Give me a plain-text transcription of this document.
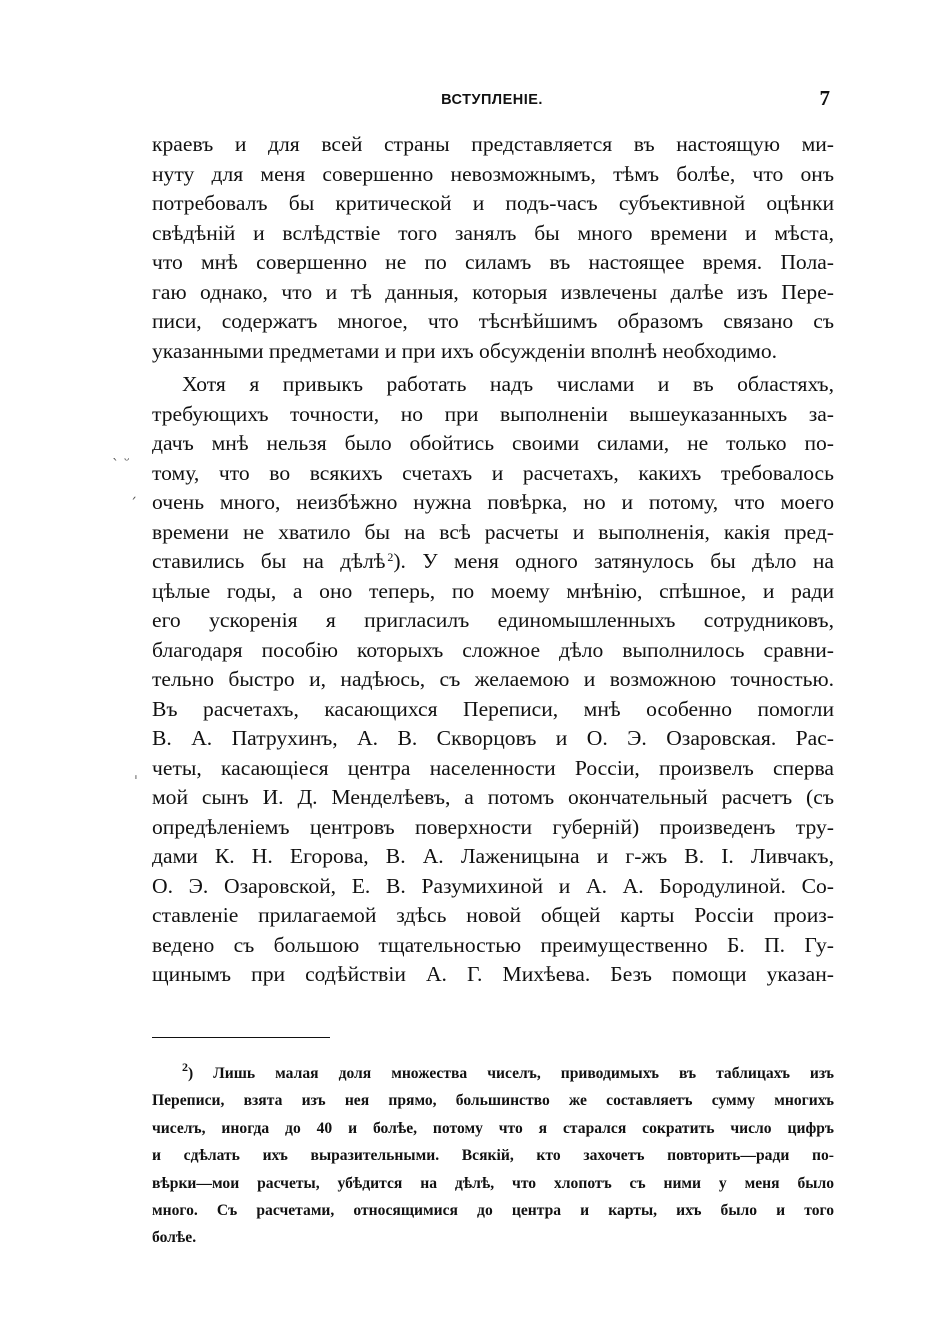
ВСТУПЛЕНІЕ.	7
ˎ ᵕ
ˏ
ˈ
краевъ и для всей страны представляется въ настоящую ми-
нуту для меня совершенно невозможнымъ, тѣмъ болѣе, что онъ
потребовалъ бы критической и подъ-часъ субъективной оцѣнки
свѣдѣній и вслѣдствіе того занялъ бы много времени и мѣста,
что мнѣ совершенно не по силамъ въ настоящее время. Пола-
гаю однако, что и тѣ данныя, которыя извлечены далѣе изъ Пере-
писи, содержатъ многое, что тѣснѣйшимъ образомъ связано съ
указанными предметами и при ихъ обсужденіи вполнѣ необходимо.
Хотя я привыкъ работать надъ числами и въ областяхъ,
требующихъ точности, но при выполненіи вышеуказанныхъ за-
дачъ мнѣ нельзя было обойтись своими силами, не только по-
тому, что во всякихъ счетахъ и расчетахъ, какихъ требовалось
очень много, неизбѣжно нужна повѣрка, но и потому, что моего
времени не хватило бы на всѣ расчеты и выполненія, какія пред-
ставились бы на дѣлѣ  $^2$). У меня одного затянулось бы дѣло на
цѣлые годы, а оно теперь, по моему мнѣнію, спѣшное, и ради
его ускоренія я пригласилъ единомышленныхъ сотрудниковъ,
благодаря пособію которыхъ сложное дѣло выполнилось сравни-
тельно быстро и, надѣюсь, съ желаемою и возможною точностью.
Въ расчетахъ, касающихся Переписи, мнѣ особенно помогли
В. А. Патрухинъ, А. В. Скворцовъ и О. Э. Озаровская. Рас-
четы, касающіеся центра населенности Россіи, произвелъ сперва
мой сынъ И. Д. Менделѣевъ, а потомъ окончательный расчетъ (съ
опредѣленіемъ центровъ поверхности губерній) произведенъ тру-
дами К. Н. Егорова, В. А. Лаженицына и г-жъ В. І. Ливчакъ,
О. Э. Озаровской, Е. В. Разумихиной и А. А. Бородулиной. Со-
ставленіе прилагаемой здѣсь новой общей карты Россіи произ-
ведено съ большою тщательностью преимущественно Б. П. Гу-
щинымъ при содѣйствіи А. Г. Михѣева. Безъ помощи указан-
$^2$) Лишь малая доля множества чиселъ, приводимыхъ въ таблицахъ изъ
Переписи, взята изъ нея прямо, большинство же составляетъ сумму многихъ
чиселъ, иногда до 40 и болѣе, потому что я старался сократить число цифръ
и сдѣлать ихъ выразительными. Всякій, кто захочетъ повторить—ради по-
вѣрки—мои расчеты, убѣдится на дѣлѣ, что хлопотъ съ ними у меня было
много. Съ расчетами, относящимися до центра и карты, ихъ было и того
болѣе.
